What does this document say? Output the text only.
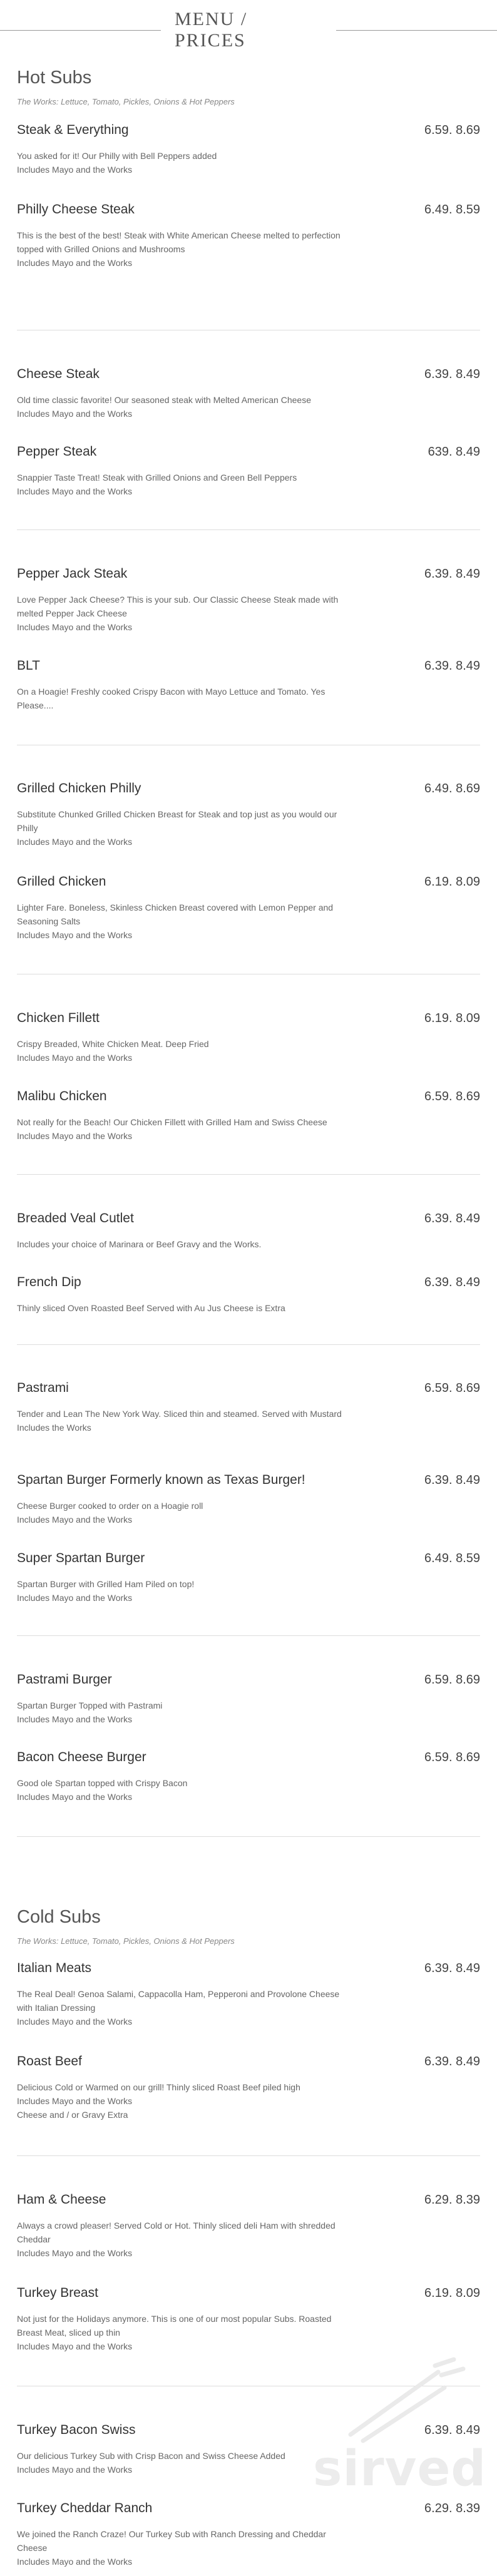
MENU / PRICES
Hot Subs
The Works: Lettuce, Tomato, Pickles, Onions & Hot Peppers
Steak & Everything	6.59. 8.69
You asked for it! Our Philly with Bell Peppers added
Includes Mayo and the Works
Philly Cheese Steak	6.49. 8.59
This is the best of the best! Steak with White American Cheese melted to perfection topped with Grilled Onions and Mushrooms
Includes Mayo and the Works
Cheese Steak	6.39. 8.49
Old time classic favorite! Our seasoned steak with Melted American Cheese
Includes Mayo and the Works
Pepper Steak	639. 8.49
Snappier Taste Treat! Steak with Grilled Onions and Green Bell Peppers
Includes Mayo and the Works
Pepper Jack Steak	6.39. 8.49
Love Pepper Jack Cheese? This is your sub. Our Classic Cheese Steak made with melted Pepper Jack Cheese
Includes Mayo and the Works
BLT	6.39. 8.49
On a Hoagie! Freshly cooked Crispy Bacon with Mayo Lettuce and Tomato. Yes Please....
Grilled Chicken Philly	6.49. 8.69
Substitute Chunked Grilled Chicken Breast for Steak and top just as you would our Philly
Includes Mayo and the Works
Grilled Chicken	6.19. 8.09
Lighter Fare. Boneless, Skinless Chicken Breast covered with Lemon Pepper and Seasoning Salts
Includes Mayo and the Works
Chicken Fillett	6.19. 8.09
Crispy Breaded, White Chicken Meat. Deep Fried
Includes Mayo and the Works
Malibu Chicken	6.59. 8.69
Not really for the Beach! Our Chicken Fillett with Grilled Ham and Swiss Cheese
Includes Mayo and the Works
Breaded Veal Cutlet	6.39. 8.49
Includes your choice of Marinara or Beef Gravy and the Works.
French Dip	6.39. 8.49
Thinly sliced Oven Roasted Beef Served with Au Jus Cheese is Extra
Pastrami	6.59. 8.69
Tender and Lean The New York Way. Sliced thin and steamed. Served with Mustard
Includes the Works
Spartan Burger Formerly known as Texas Burger!	6.39. 8.49
Cheese Burger cooked to order on a Hoagie roll
Includes Mayo and the Works
Super Spartan Burger	6.49. 8.59
Spartan Burger with Grilled Ham Piled on top!
Includes Mayo and the Works
Pastrami Burger	6.59. 8.69
Spartan Burger Topped with Pastrami
Includes Mayo and the Works
Bacon Cheese Burger	6.59. 8.69
Good ole Spartan topped with Crispy Bacon
Includes Mayo and the Works
Cold Subs
The Works: Lettuce, Tomato, Pickles, Onions & Hot Peppers
Italian Meats	6.39. 8.49
The Real Deal! Genoa Salami, Cappacolla Ham, Pepperoni and Provolone Cheese with Italian Dressing
Includes Mayo and the Works
Roast Beef	6.39. 8.49
Delicious Cold or Warmed on our grill! Thinly sliced Roast Beef piled high
Includes Mayo and the Works
Cheese and / or Gravy Extra
Ham & Cheese	6.29. 8.39
Always a crowd pleaser! Served Cold or Hot. Thinly sliced deli Ham with shredded Cheddar
Includes Mayo and the Works
Turkey Breast	6.19. 8.09
Not just for the Holidays anymore. This is one of our most popular Subs. Roasted Breast Meat, sliced up thin
Includes Mayo and the Works
Turkey Bacon Swiss	6.39. 8.49
Our delicious Turkey Sub with Crisp Bacon and Swiss Cheese Added
Includes Mayo and the Works
Turkey Cheddar Ranch	6.29. 8.39
We joined the Ranch Craze! Our Turkey Sub with Ranch Dressing and Cheddar Cheese
Includes Mayo and the Works
sirved
